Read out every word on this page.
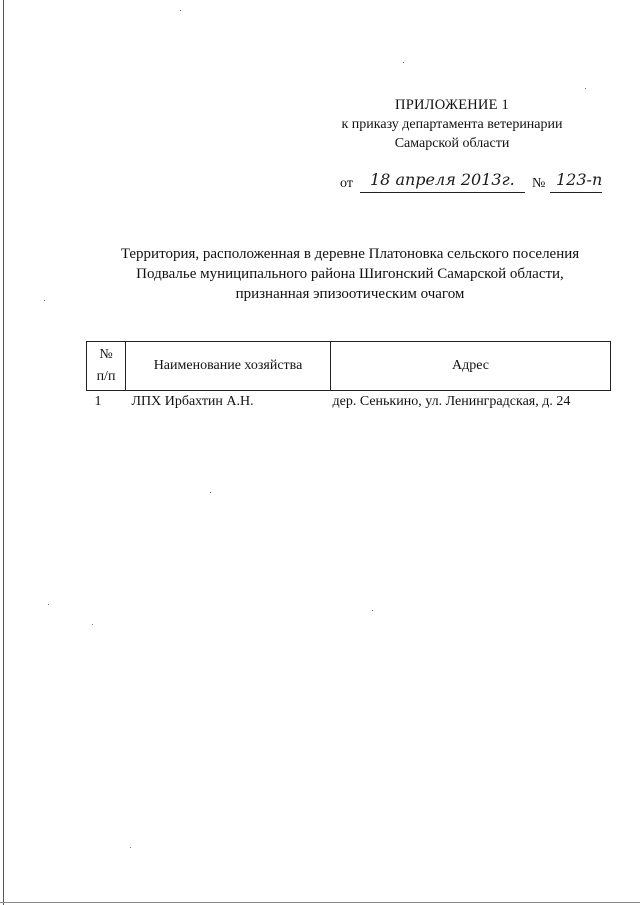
ПРИЛОЖЕНИЕ 1
к приказу департамента ветеринарии
Самарской области
от 18 апреля 2013г. № 123-п
Территория, расположенная в деревне Платоновка сельского поселения
Подвалье муниципального района Шигонский Самарской области,
признанная эпизоотическим очагом
№
п/п	Наименование хозяйства	Адрес
1	ЛПХ Ирбахтин А.Н.	дер. Сенькино, ул. Ленинградская, д. 24
